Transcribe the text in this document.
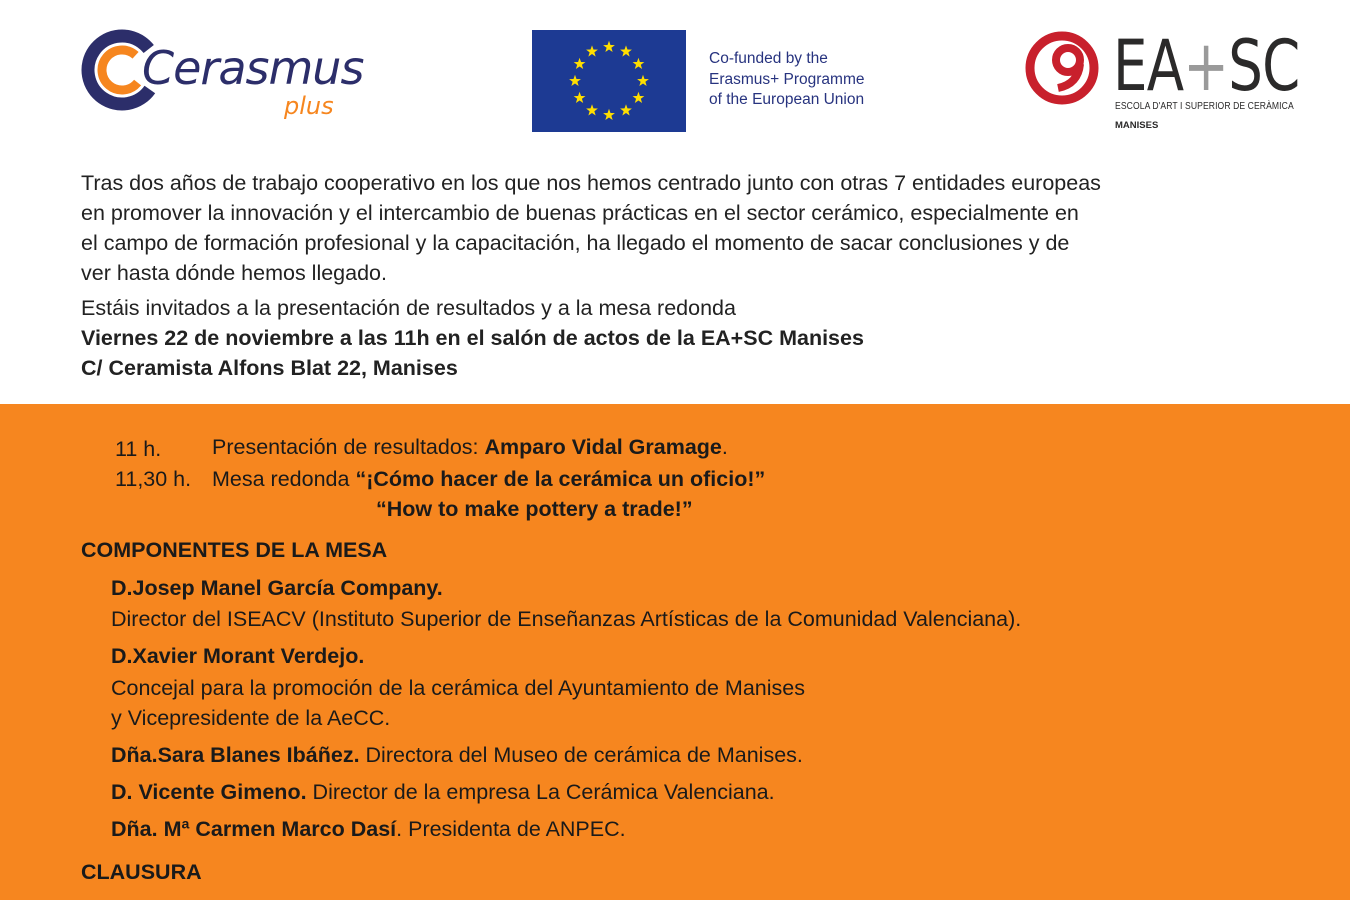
Cerasmus
plus
Co-funded by the
Erasmus+ Programme
of the European Union	EA+SC
ESCOLA D'ART I SUPERIOR DE CERÀMICA
MANISES

Tras dos años de trabajo cooperativo en los que nos hemos centrado junto con otras 7 entidades europeas

en promover la innovación y el intercambio de buenas prácticas en el sector cerámico, especialmente en

el campo de formación profesional y la capacitación, ha llegado el momento de sacar conclusiones y de

ver hasta dónde hemos llegado.

Estáis invitados a la presentación de resultados y a la mesa redonda

Viernes 22 de noviembre a las 11h en el salón de actos de la EA+SC Manises

C/ Ceramista Alfons Blat 22, Manises

11 h. Presentación de resultados: Amparo Vidal Gramage.
11,30 h. Mesa redonda “¡Cómo hacer de la cerámica un oficio!”
“How to make pottery a trade!”
COMPONENTES DE LA MESA
D.Josep Manel García Company.
Director del ISEACV (Instituto Superior de Enseñanzas Artísticas de la Comunidad Valenciana).
D.Xavier Morant Verdejo.
Concejal para la promoción de la cerámica del Ayuntamiento de Manises
y Vicepresidente de la AeCC.
Dña.Sara Blanes Ibáñez. Directora del Museo de cerámica de Manises.
D. Vicente Gimeno. Director de la empresa La Cerámica Valenciana.
Dña. Mª Carmen Marco Dasí. Presidenta de ANPEC.
CLAUSURA
